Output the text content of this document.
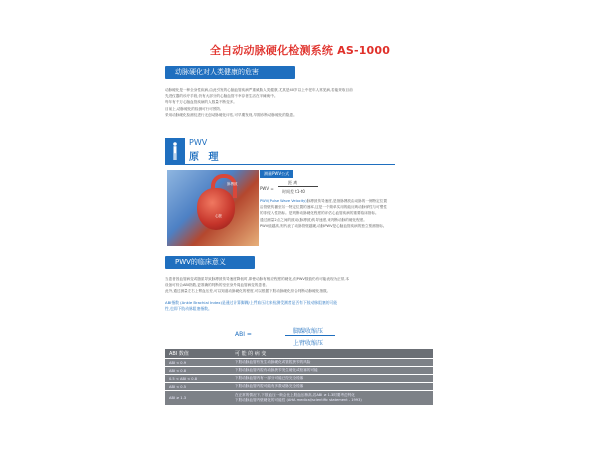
全自动动脉硬化检测系统 AS-1000
动脉硬化对人类健康的危害
动脉硬化是一种全身性疾病,由此引发的心脑血管疾病严重威胁人类健康,尤其是40岁以上中老年人常见病,若能采取目前
先进仪器的诊疗手段,仍有大部分的心脑血管不幸存者生活在半瘫痪中。
每年有千万心脑血管疾病的人数量不断变多。
目前上,动脉硬化的检测可行可预防,
采用动脉硬化检测仪进行无创动脉硬化评估,可早期发现,早期诊断动脉硬化的隐患。
PWV
原 理
脉搏波
心脏
测量PWV公式
PWV =
距 离
时间差 t1-t0
PWV(Pulse Wave Velocity)脉搏波传导速度,是指脉搏波由动脉的一侧特定位置
沿管壁传播至另一特定位置的速率,这是一个简单实用的能反映动脉弹性与可塑性
的非侵入性指标。是判断动脉硬化程度的评估心血管疾病的重要临床指标。
通过测量2点之间的波动(脉搏波)传导速度,来判断动脉的硬化程度。
PWV值越高,则代表了动脉管壁越硬,动脉PWV是心脑血管疾病的独立预测指标。
PWV的临床意义
当患者因血管病变或脂质导致脉搏波传导速度降低时,即使动脉有相应程度的硬化,但PWV数值仍有可能表现为正常,本
设备可综合ABI指数,更准确的判断的至至身外周血管病变的患者。
此外,通过测量左右上臂血压差,可以知道动脉硬化的程度,可以根据下肢动脉硬化综合判断动脉硬化指数。
ABI指数 (Ankle Brachial Index)是通过计算脚踝/上臂血压比来检测受测者是否有下肢动脉阻塞的可能
性,也即下肢动脉阻塞指数。
ABI =	脚踝收缩压
上臂收缩压
ABI 数值	可 能 的 病 变
ABI < 0.9	下肢动脉血管有发生动脉硬化或管腔狭窄的风险
ABI < 0.8	下肢动脉血管内腔有动脉狭窄发生硬化或栓塞的可能
0.5 < ABI < 0.8	下肢动脉血管内有一部分可能已经完全栓塞
ABI < 0.5	下肢动脉血管内腔可能有多数动脉完全栓塞
ABI ≥ 1.3	在正常的情况下,下肢血压一般会比上肢血压稍高,若ABI ≥ 1.3时要考虑钙化
下肢动脉血管内壁硬化的可能性 (AHA medical/scientific statement - 1993)
